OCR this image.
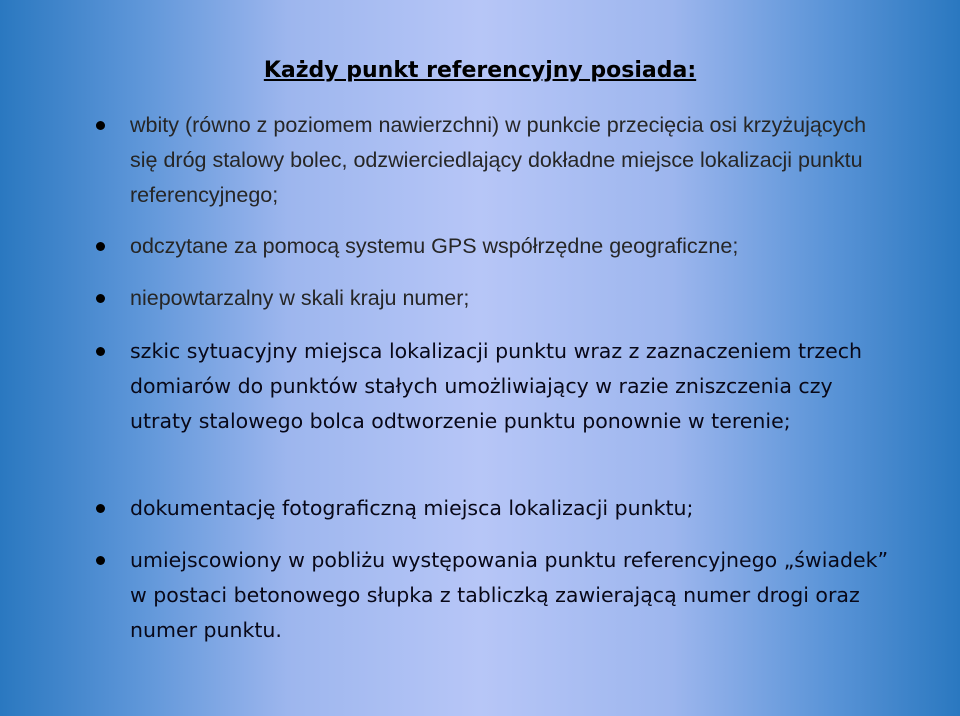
Każdy punkt referencyjny posiada:
wbity (równo z poziomem nawierzchni) w punkcie przecięcia osi krzyżujących się dróg stalowy bolec, odzwierciedlający dokładne miejsce lokalizacji punktu referencyjnego;
odczytane za pomocą systemu GPS współrzędne geograficzne;
niepowtarzalny w skali kraju numer;
szkic sytuacyjny miejsca lokalizacji punktu wraz z zaznaczeniem trzech domiarów do punktów stałych umożliwiający w razie zniszczenia czy utraty stalowego bolca odtworzenie punktu ponownie w terenie;
dokumentację fotograficzną miejsca lokalizacji punktu;
umiejscowiony w pobliżu występowania punktu referencyjnego „świadek” w postaci betonowego słupka z tabliczką zawierającą numer drogi oraz numer punktu.
